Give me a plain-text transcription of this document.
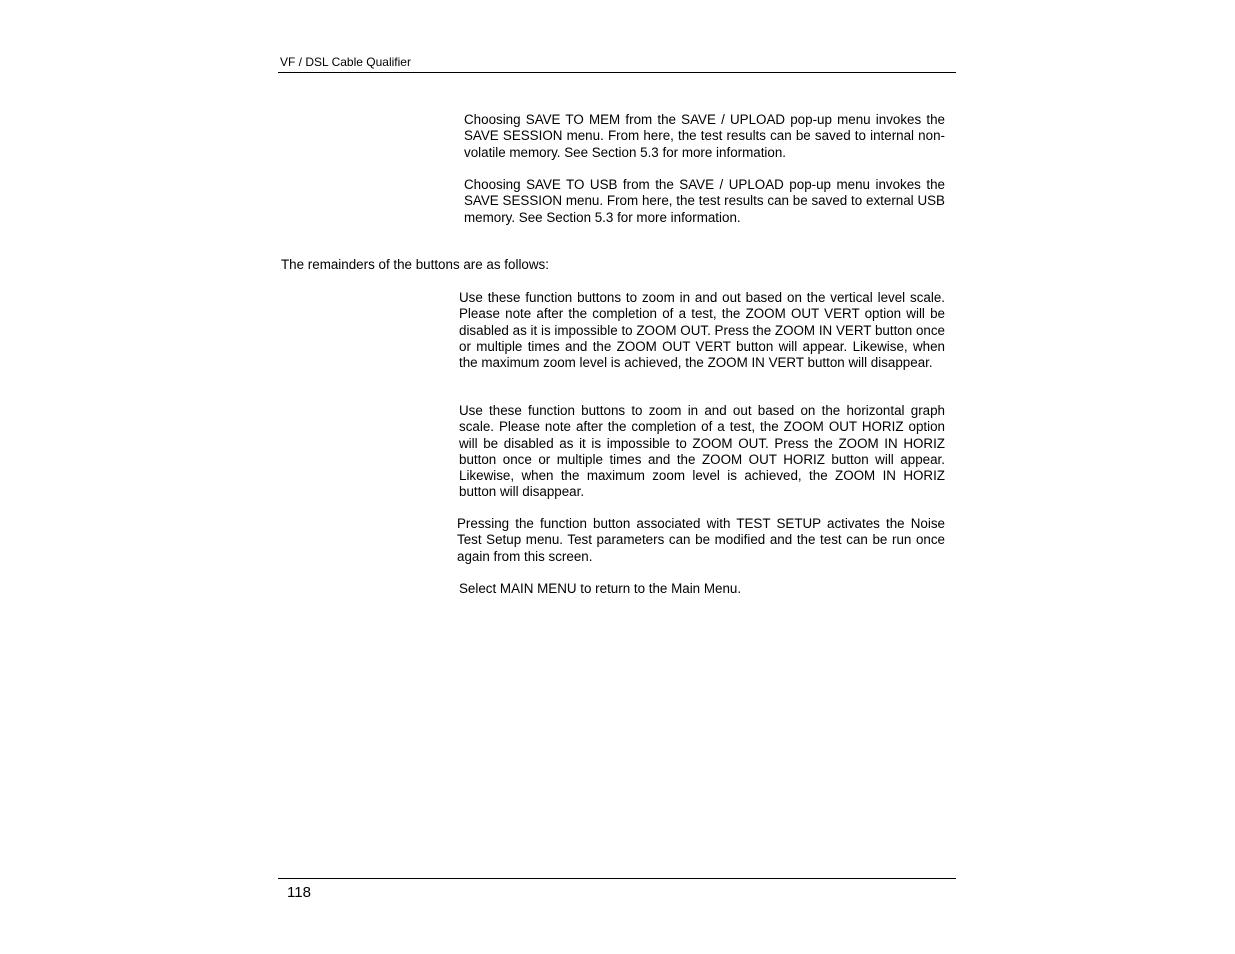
VF / DSL Cable Qualifier

Choosing SAVE TO MEM from the SAVE / UPLOAD pop-up menu invokes the SAVE SESSION menu. From here, the test results can be saved to internal non-volatile memory. See Section 5.3 for more information.

Choosing SAVE TO USB from the SAVE / UPLOAD pop-up menu invokes the SAVE SESSION menu. From here, the test results can be saved to external USB memory. See Section 5.3 for more information.

The remainders of the buttons are as follows:

Use these function buttons to zoom in and out based on the vertical level scale. Please note after the completion of a test, the ZOOM OUT VERT option will be disabled as it is impossible to ZOOM OUT. Press the ZOOM IN VERT button once or multiple times and the ZOOM OUT VERT button will appear. Likewise, when the maximum zoom level is achieved, the ZOOM IN VERT button will disappear.

Use these function buttons to zoom in and out based on the horizontal graph scale. Please note after the completion of a test, the ZOOM OUT HORIZ option will be disabled as it is impossible to ZOOM OUT. Press the ZOOM IN HORIZ button once or multiple times and the ZOOM OUT HORIZ button will appear. Likewise, when the maximum zoom level is achieved, the ZOOM IN HORIZ button will disappear.

Pressing the function button associated with TEST SETUP activates the Noise Test Setup menu. Test parameters can be modified and the test can be run once again from this screen.

Select MAIN MENU to return to the Main Menu.

118
